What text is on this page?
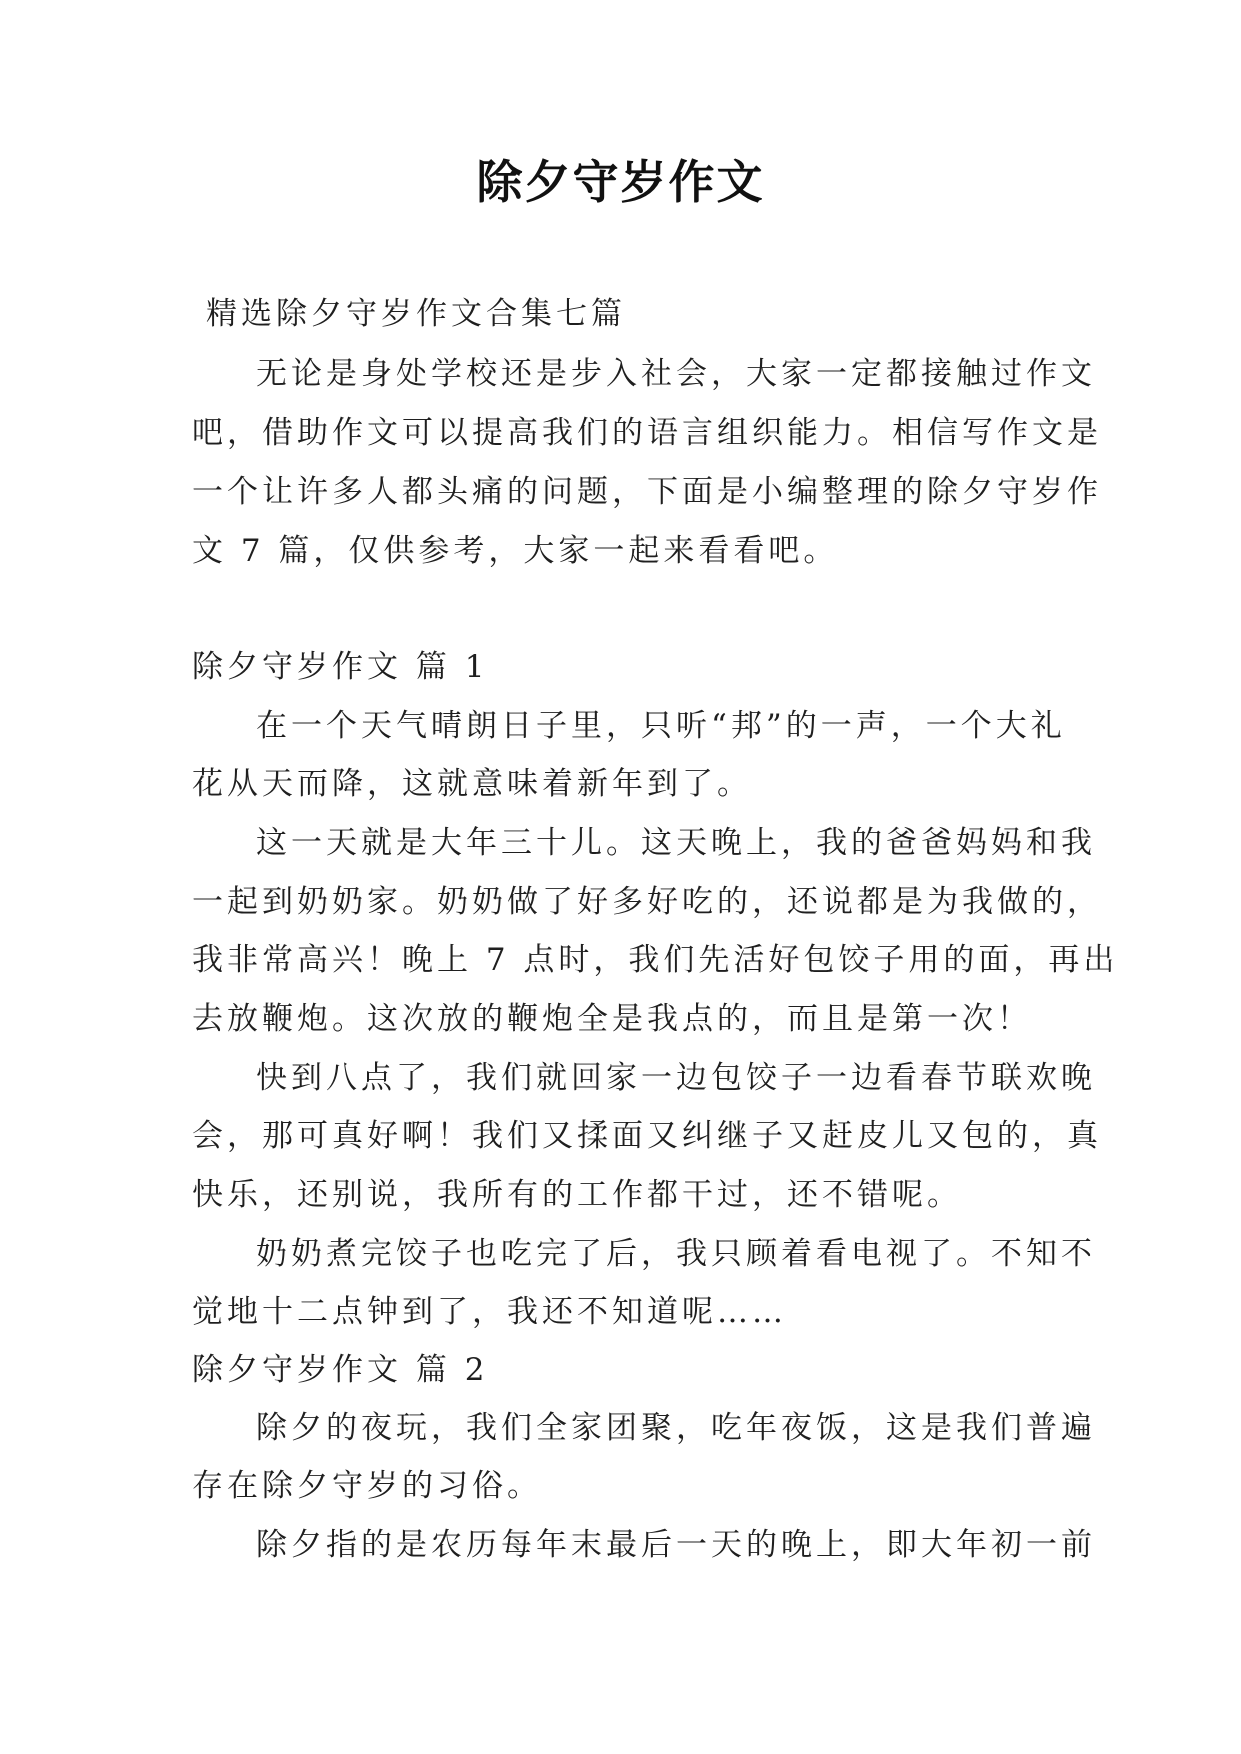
除夕守岁作文
精选除夕守岁作文合集七篇
无论是身处学校还是步入社会，大家一定都接触过作文
吧，借助作文可以提高我们的语言组织能力。相信写作文是
一个让许多人都头痛的问题，下面是小编整理的除夕守岁作
文 7 篇，仅供参考，大家一起来看看吧。
除夕守岁作文 篇 1
在一个天气晴朗日子里，只听“邦”的一声，一个大礼
花从天而降，这就意味着新年到了。
这一天就是大年三十儿。这天晚上，我的爸爸妈妈和我
一起到奶奶家。奶奶做了好多好吃的，还说都是为我做的，
我非常高兴！晚上 7 点时，我们先活好包饺子用的面，再出
去放鞭炮。这次放的鞭炮全是我点的，而且是第一次！
快到八点了，我们就回家一边包饺子一边看春节联欢晚
会，那可真好啊！我们又揉面又纠继子又赶皮儿又包的，真
快乐，还别说，我所有的工作都干过，还不错呢。
奶奶煮完饺子也吃完了后，我只顾着看电视了。不知不
觉地十二点钟到了，我还不知道呢……
除夕守岁作文 篇 2
除夕的夜玩，我们全家团聚，吃年夜饭，这是我们普遍
存在除夕守岁的习俗。
除夕指的是农历每年末最后一天的晚上，即大年初一前
